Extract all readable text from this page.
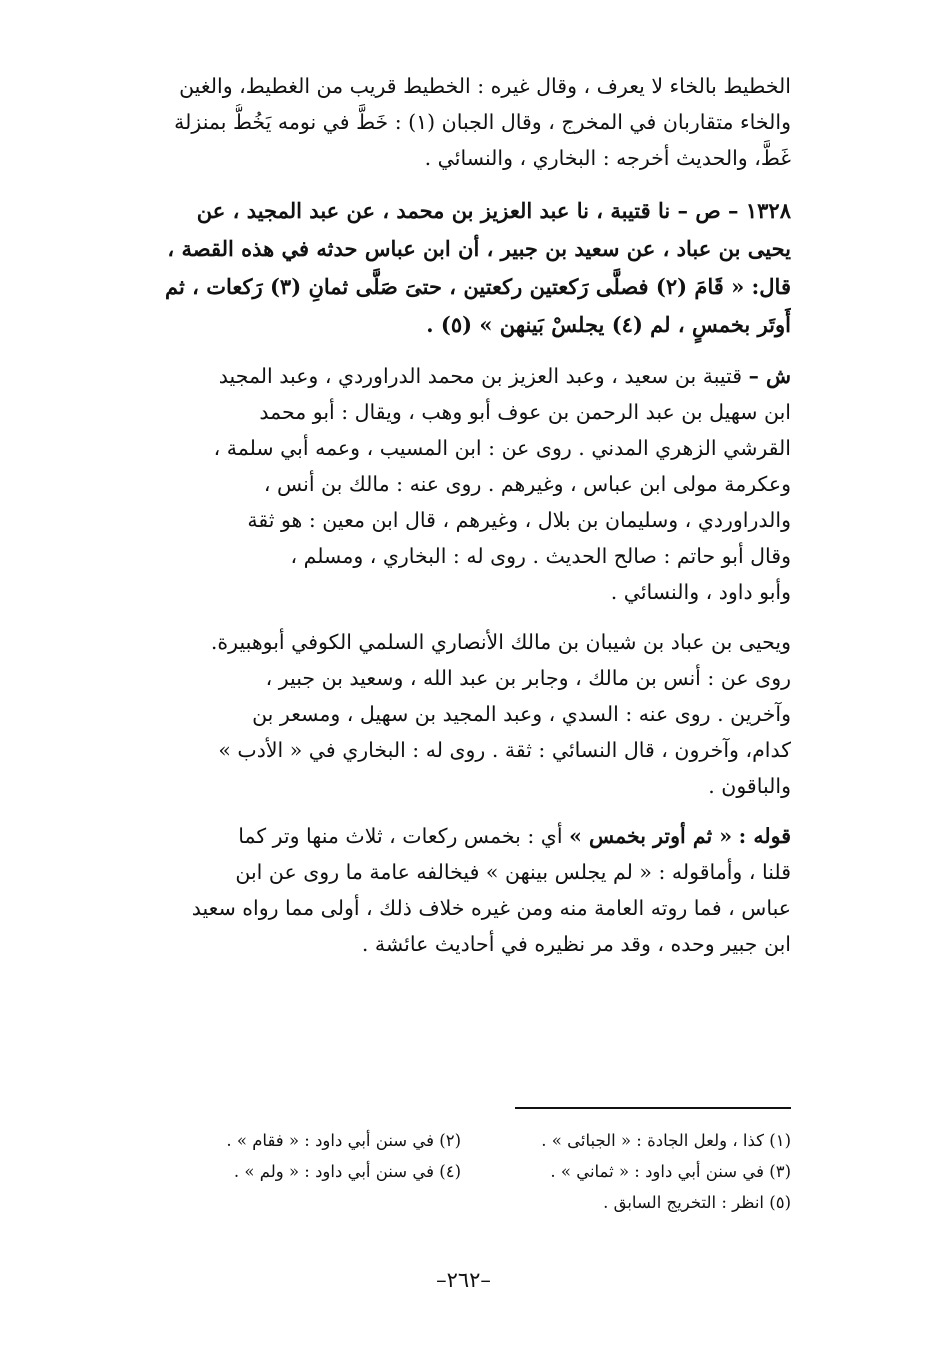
الخطيط بالخاء لا يعرف ، وقال غيره : الخطيط قريب من الغطيط، والغين
والخاء متقاربان في المخرج ، وقال الجبان (١) : خَطَّ في نومه يَخُطُّ بمنزلة
غَطَّ، والحديث أخرجه : البخاري ، والنسائي .
١٣٢٨ – ص – نا قتيبة ، نا عبد العزيز بن محمد ، عن عبد المجيد ، عن
يحيى بن عباد ، عن سعيد بن جبير ، أن ابن عباس حدثه في هذه القصة ،
قال: « قَامَ (٢) فصلَّى رَكعتين ركعتين ، حتىَ صَلَّى ثمانِ (٣) رَكعات ، ثم
أَوتَر بخمسٍ ، لم (٤) يجلسْ بَينهن » (٥) .
ش – قتيبة بن سعيد ، وعبد العزيز بن محمد الدراوردي ، وعبد المجيد
ابن سهيل بن عبد الرحمن بن عوف أبو وهب ، ويقال : أبو محمد
القرشي الزهري المدني . روى عن : ابن المسيب ، وعمه أبي سلمة ،
وعكرمة مولى ابن عباس ، وغيرهم . روى عنه : مالك بن أنس ،
والدراوردي ، وسليمان بن بلال ، وغيرهم ، قال ابن معين : هو ثقة
وقال أبو حاتم : صالح الحديث . روى له : البخاري ، ومسلم ،
وأبو داود ، والنسائي .
ويحيى بن عباد بن شيبان بن مالك الأنصاري السلمي الكوفي أبوهبيرة.
روى عن : أنس بن مالك ، وجابر بن عبد الله ، وسعيد بن جبير ،
وآخرين . روى عنه : السدي ، وعبد المجيد بن سهيل ، ومسعر بن
كدام، وآخرون ، قال النسائي : ثقة . روى له : البخاري في « الأدب »
والباقون .
قوله : « ثم أوتر بخمس » أي : بخمس ركعات ، ثلاث منها وتر كما
قلنا ، وأماقوله : « لم يجلس بينهن » فيخالفه عامة ما روى عن ابن
عباس ، فما روته العامة منه ومن غيره خلاف ذلك ، أولى مما رواه سعيد
ابن جبير وحده ، وقد مر نظيره في أحاديث عائشة .
(١) كذا ، ولعل الجادة : « الجبائى » .
(٢) في سنن أبي داود : « فقام » .
(٣) في سنن أبي داود : « ثماني » .
(٤) في سنن أبي داود : « ولم » .
(٥) انظر : التخريج السابق .
–٢٦٢–
